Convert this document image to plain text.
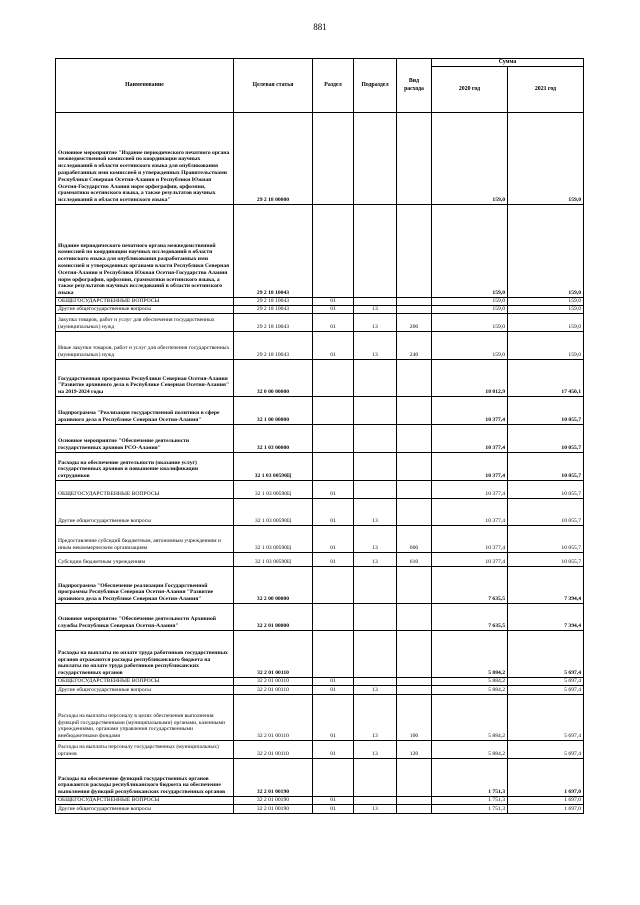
881
Наименование	Целевая статья	Раздел	Подраздел	Вид расхода	Сумма	
					2020 год	2021 год
Основное мероприятие "Издание периодического печатного органа межведомственной комиссией по координации научных исследований в области осетинского языка для опубликования разработанных ими комиссией и утвержденных Правительствами Республики Северная Осетия-Алания и Республики Южная Осетия-Государство Алания норм орфографии, орфоэпии, грамматики осетинского языка, а также результатов научных исследований в области осетинского языка"	29 2 18 00000				159,0	159,0
Издание периодического печатного органа межведомственной комиссией по координации научных исследований в области осетинского языка для опубликования разработанных ими комиссией и утвержденных органами власти Республики Северная Осетия-Алания и Республики Южная Осетия-Государство Алания норм орфографии, орфоэпии, грамматики осетинского языка, а также результатов научных исследований в области осетинского языка	29 2 18 10043				159,0	159,0
ОБЩЕГОСУДАРСТВЕННЫЕ ВОПРОСЫ	29 2 18 10043	01			159,0	159,0
Другие общегосударственные вопросы	29 2 18 10043	01	13		159,0	159,0
Закупка товаров, работ и услуг для обеспечения государственных (муниципальных) нужд	29 2 18 10043	01	13	200	159,0	159,0
Иные закупки товаров, работ и услуг для обеспечения государственных (муниципальных) нужд	29 2 18 10043	01	13	240	159,0	159,0
Государственная программа Республики Северная Осетия-Алания "Развитие архивного дела в Республике Северная Осетия-Алания" на 2019-2024 годы	32 0 00 00000				18 012,9	17 450,1
Подпрограмма "Реализация государственной политики в сфере архивного дела в Республике Северная Осетия-Алания"	32 1 00 00000				10 377,4	10 055,7
Основное мероприятие "Обеспечение деятельности государственных архивов РСО-Алания"	32 1 03 00000				10 377,4	10 055,7
Расходы на обеспечение деятельности (оказание услуг) государственных архивов и повышение квалификации сотрудников	32 1 03 00590Ц				10 377,4	10 055,7
ОБЩЕГОСУДАРСТВЕННЫЕ ВОПРОСЫ	32 1 03 00590Ц	01			10 377,4	10 055,7
Другие общегосударственные вопросы	32 1 03 00590Ц	01	13		10 377,4	10 055,7
Предоставление субсидий бюджетным, автономным учреждениям и иным некоммерческим организациям	32 1 03 00590Ц	01	13	600	10 377,4	10 055,7
Субсидии бюджетным учреждениям	32 1 03 00590Ц	01	13	610	10 377,4	10 055,7
Подпрограмма "Обеспечение реализации Государственной программы Республики Северная Осетия-Алания "Развитие архивного дела в Республике Северная Осетия-Алания"	32 2 00 00000				7 635,5	7 394,4
Основное мероприятие "Обеспечение деятельности Архивной службы Республики Северная Осетия-Алания"	32 2 01 00000				7 635,5	7 394,4
Расходы на выплаты по оплате труда работников государственных органов отражаются расходы республиканского бюджета на выплаты по оплате труда работников республиканских государственных органов	32 2 01 00110				5 884,2	5 697,4
ОБЩЕГОСУДАРСТВЕННЫЕ ВОПРОСЫ	32 2 01 00110	01			5 884,2	5 697,4
Другие общегосударственные вопросы	32 2 01 00110	01	13		5 884,2	5 697,4
Расходы на выплаты персоналу в целях обеспечения выполнения функций государственными (муниципальными) органами, казенными учреждениями, органами управления государственными внебюджетными фондами	32 2 01 00110	01	13	100	5 884,2	5 697,4
Расходы на выплаты персоналу государственных (муниципальных) органов	32 2 01 00110	01	13	120	5 884,2	5 697,4
Расходы на обеспечение функций государственных органов отражаются расходы республиканского бюджета на обеспечение выполнения функций республиканских государственных органов	32 2 01 00190				1 751,3	1 697,0
ОБЩЕГОСУДАРСТВЕННЫЕ ВОПРОСЫ	32 2 01 00190	01			1 751,3	1 697,0
Другие общегосударственные вопросы	32 2 01 00190	01	13		1 751,3	1 697,0
